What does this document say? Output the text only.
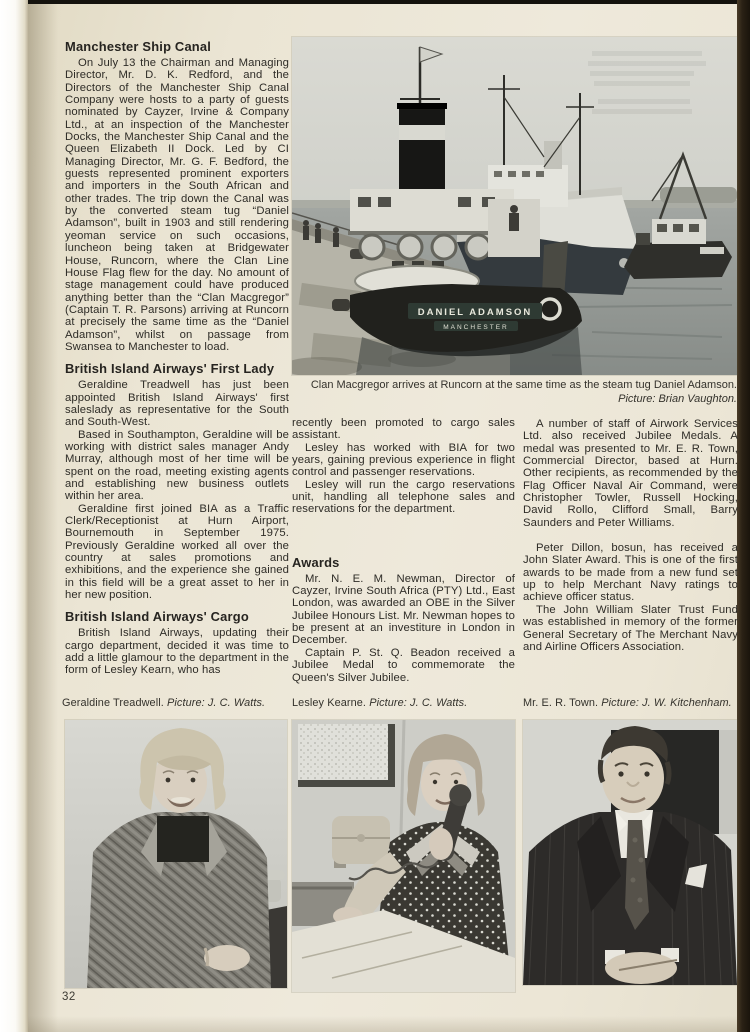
Manchester Ship Canal

On July 13 the Chairman and Managing Director, Mr. D. K. Redford, and the Directors of the Manchester Ship Canal Company were hosts to a party of guests nominated by Cayzer, Irvine & Company Ltd., at an inspection of the Manchester Docks, the Manchester Ship Canal and the Queen Elizabeth II Dock. Led by CI Managing Director, Mr. G. F. Bedford, the guests represented prominent exporters and importers in the South African and other trades. The trip down the Canal was by the converted steam tug “Daniel Adamson”, built in 1903 and still rendering yeoman service on such occasions, luncheon being taken at Bridgewater House, Runcorn, where the Clan Line House Flag flew for the day. No amount of stage management could have produced anything better than the “Clan Macgregor” (Captain T. R. Parsons) arriving at Runcorn at precisely the same time as the “Daniel Adamson”, whilst on passage from Swansea to Manchester to load.

British Island Airways' First Lady

Geraldine Treadwell has just been appointed British Island Airways' first saleslady as representative for the South and South-West.

Based in Southampton, Geraldine will be working with district sales manager Andy Murray, although most of her time will be spent on the road, meeting existing agents and establishing new business outlets within her area.

Geraldine first joined BIA as a Traffic Clerk/Receptionist at Hurn Airport, Bournemouth in September 1975. Previously Geraldine worked all over the country at sales promotions and exhibitions, and the experience she gained in this field will be a great asset to her in her new position.

British Island Airways' Cargo

British Island Airways, updating their cargo department, decided it was time to add a little glamour to the department in the form of Lesley Kearn, who has

DANIEL ADAMSON
MANCHESTER
Clan Macgregor arrives at Runcorn at the same time as the steam tug Daniel Adamson.
Picture: Brian Vaughton.

recently been promoted to cargo sales assistant.

Lesley has worked with BIA for two years, gaining previous experience in flight control and passenger reservations.

Lesley will run the cargo reservations unit, handling all telephone sales and reservations for the department.

Awards

Mr. N. E. M. Newman, Director of Cayzer, Irvine South Africa (PTY) Ltd., East London, was awarded an OBE in the Silver Jubilee Honours List. Mr. Newman hopes to be present at an investiture in London in December.

Captain P. St. Q. Beadon received a Jubilee Medal to commemorate the Queen's Silver Jubilee.

A number of staff of Airwork Services Ltd. also received Jubilee Medals. A medal was presented to Mr. E. R. Town, Commercial Director, based at Hurn. Other recipients, as recommended by the Flag Officer Naval Air Command, were Christopher Towler, Russell Hocking, David Rollo, Clifford Small, Barry Saunders and Peter Williams.

Peter Dillon, bosun, has received a John Slater Award. This is one of the first awards to be made from a new fund set up to help Merchant Navy ratings to achieve officer status.

The John William Slater Trust Fund was established in memory of the former General Secretary of The Merchant Navy and Airline Officers Association.

Geraldine Treadwell. Picture: J. C. Watts. Lesley Kearne. Picture: J. C. Watts.	Mr. E. R. Town. Picture: J. W. Kitchenham.
32
